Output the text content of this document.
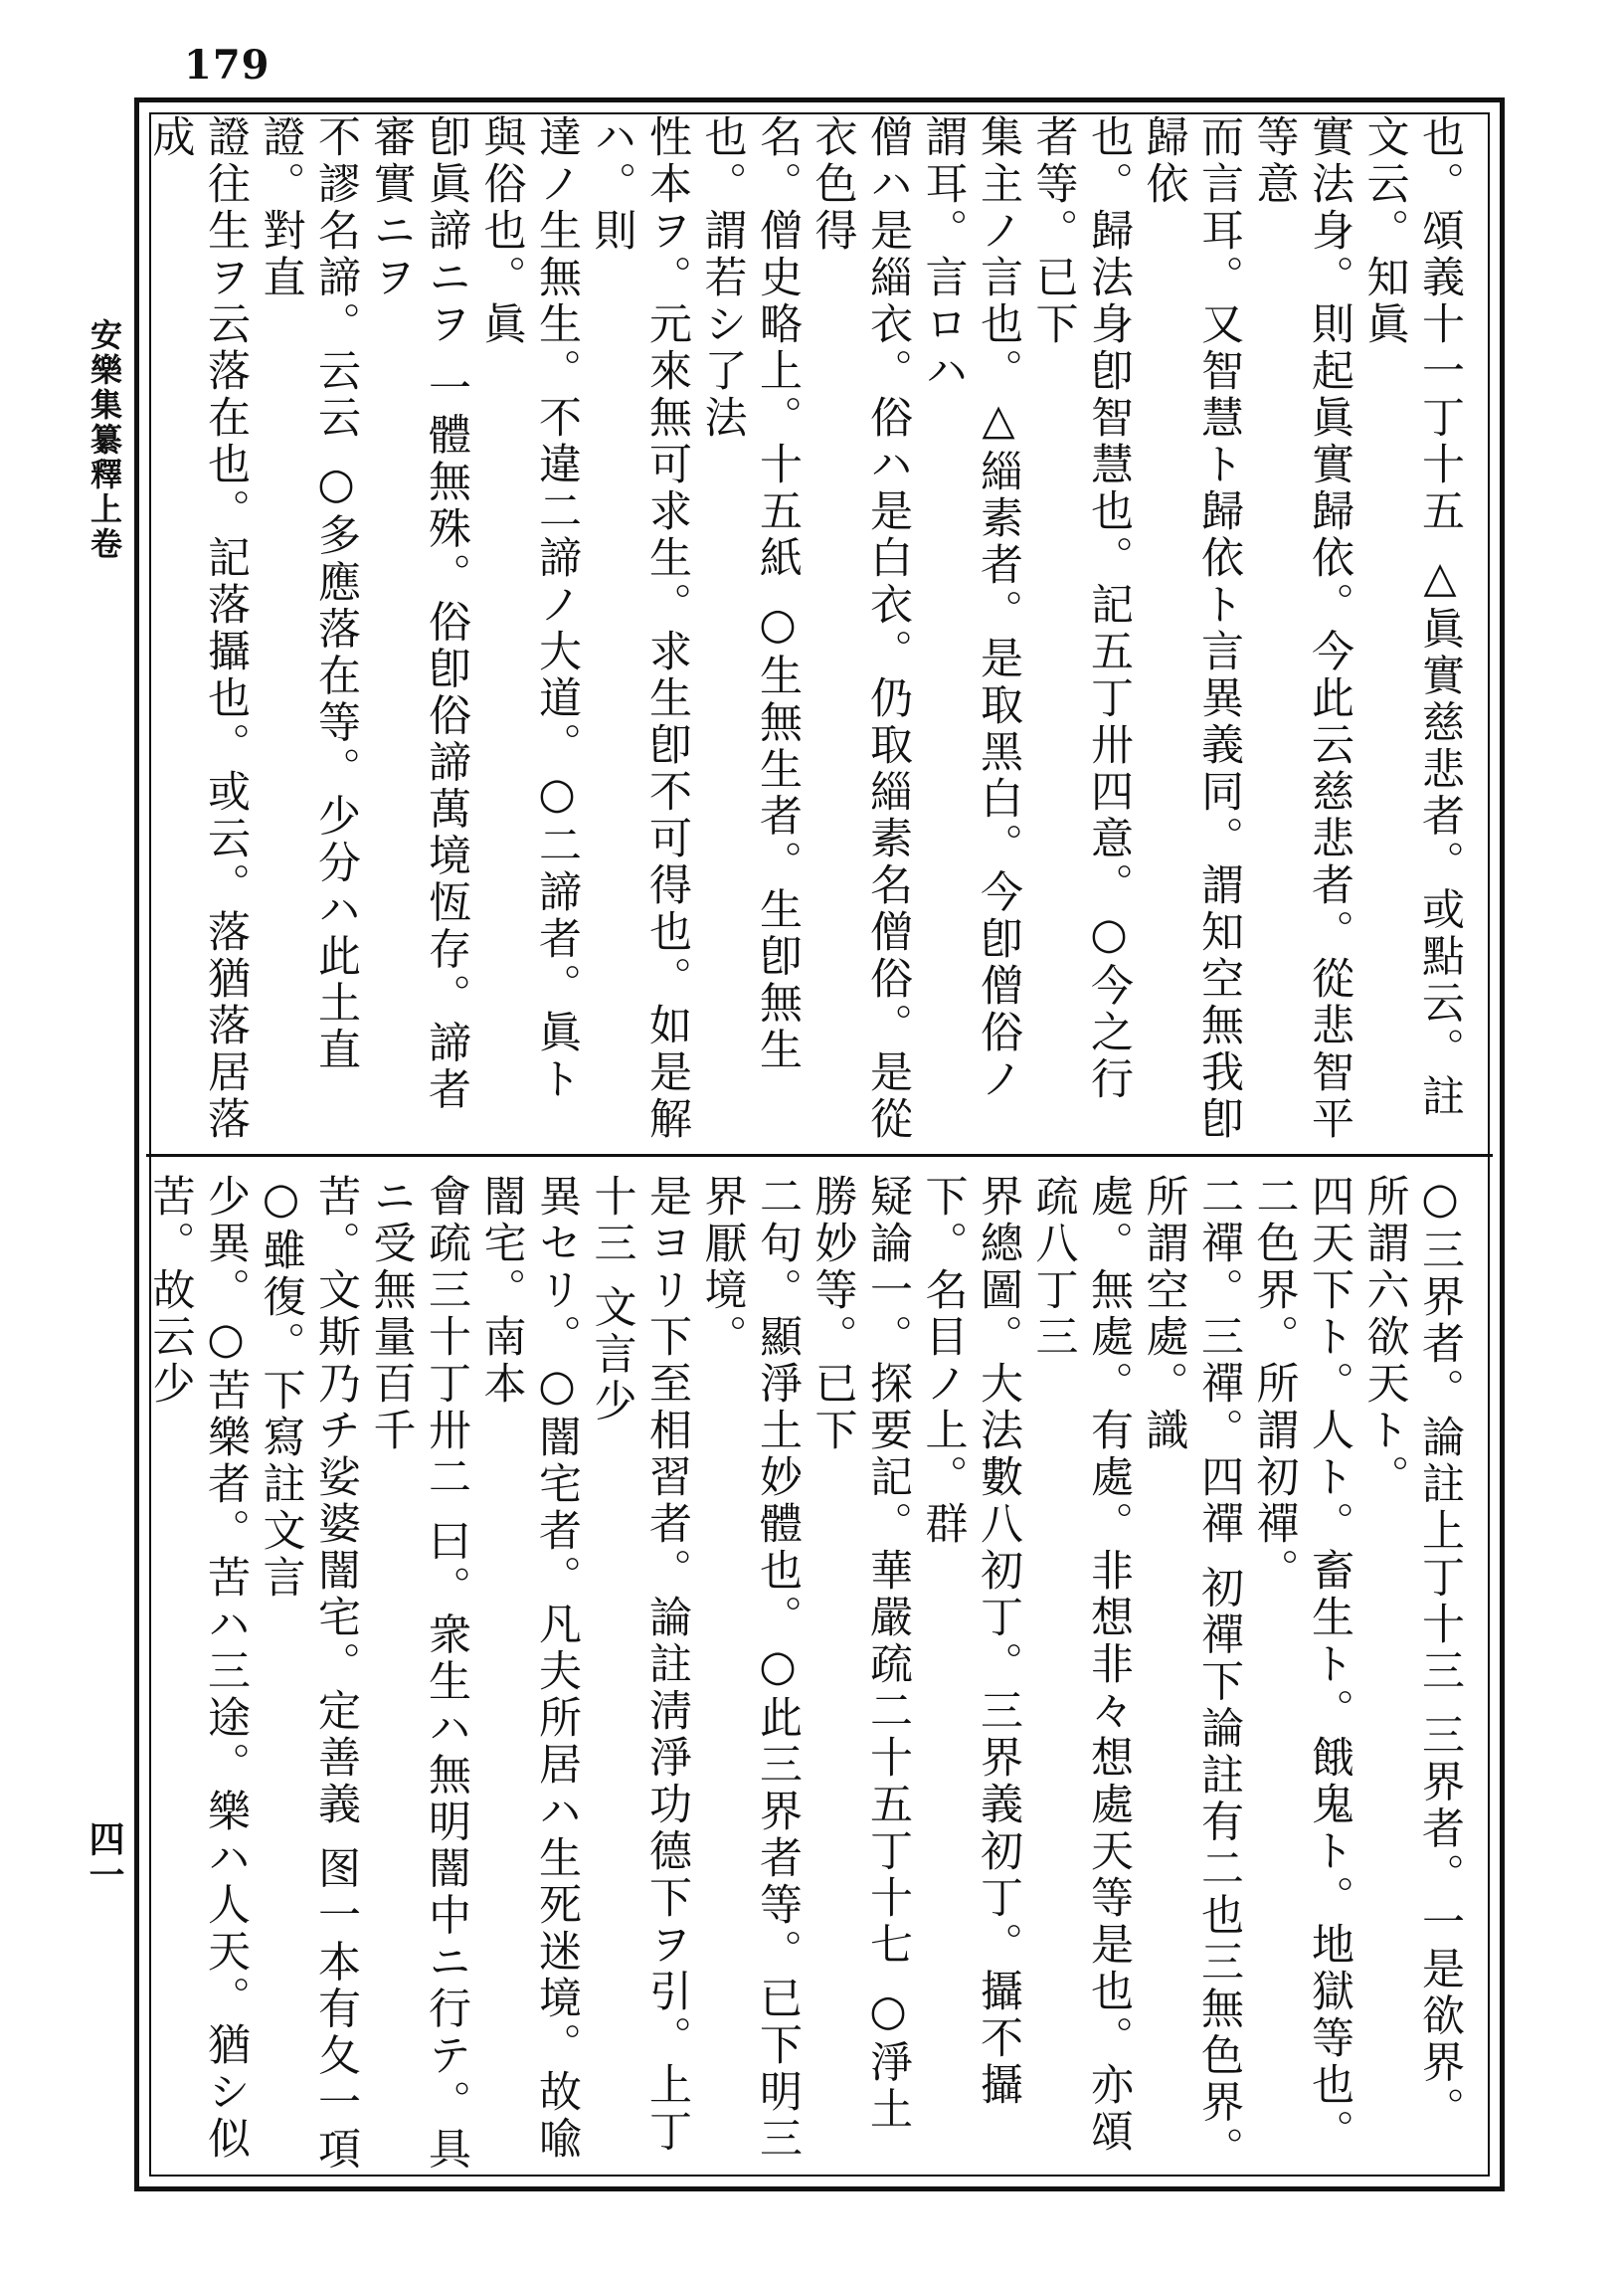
179
安樂集纂釋上卷
四一
也。頌義十一丁十五 △眞實慈悲者。或點云。註文云。知眞
實法身。則起眞實歸依。今此云慈悲者。從悲智平等意
而言耳。又智慧ト歸依ト言異義同。謂知空無我卽歸依
也。歸法身卽智慧也。記五丁卅四意。○今之行者等。已下
集主ノ言也。△緇素者。是取黑白。今卽僧俗ノ謂耳。言ロハ
僧ハ是緇衣。俗ハ是白衣。仍取緇素名僧俗。是從衣色得
名。僧史略上。十五紙 ○生無生者。生卽無生也。謂若シ了法
性本ヲ。元來無可求生。求生卽不可得也。如是解ハ。則
達ノ生無生。不違二諦ノ大道。○二諦者。眞ト與俗也。眞
卽眞諦ニヲ 一體無殊。俗卽俗諦萬境恆存。諦者審實ニヲ
不謬名諦。云云 ○多應落在等。少分ハ此土直證。對直
證往生ヲ云落在也。記落攝也。或云。落猶落居落成
○三界者。論註上丁十三 三界者。一是欲界。所謂六欲天ト。
四天下ト。人ト。畜生ト。餓鬼ト。地獄等也。二色界。所謂初禪。
二禪。三禪。四禪 初禪下論註有二也三無色界。所謂空處。識
處。無處。有處。非想非々想處天等是也。亦頌疏八丁三
界總圖。大法數八初丁。三界義初丁。攝不攝下。名目ノ上。群
疑論一。探要記。華嚴疏二十五丁十七 ○淨土勝妙等。已下
二句。顯淨土妙體也。○此三界者等。已下明三界厭境。
是ヨリ下至相習者。論註淸淨功德下ヲ引。上丁十三 文言少
異セリ。○闇宅者。凡夫所居ハ生死迷境。故喩闇宅。南本
會疏三十丁卅二 曰。衆生ハ無明闇中ニ行テ。具ニ受無量百千
苦。文斯乃チ娑婆闇宅。定善義 图一本有夂一項 ○雖復。下寫註文言
少異。○苦樂者。苦ハ三途。樂ハ人天。猶シ似苦。故云少
